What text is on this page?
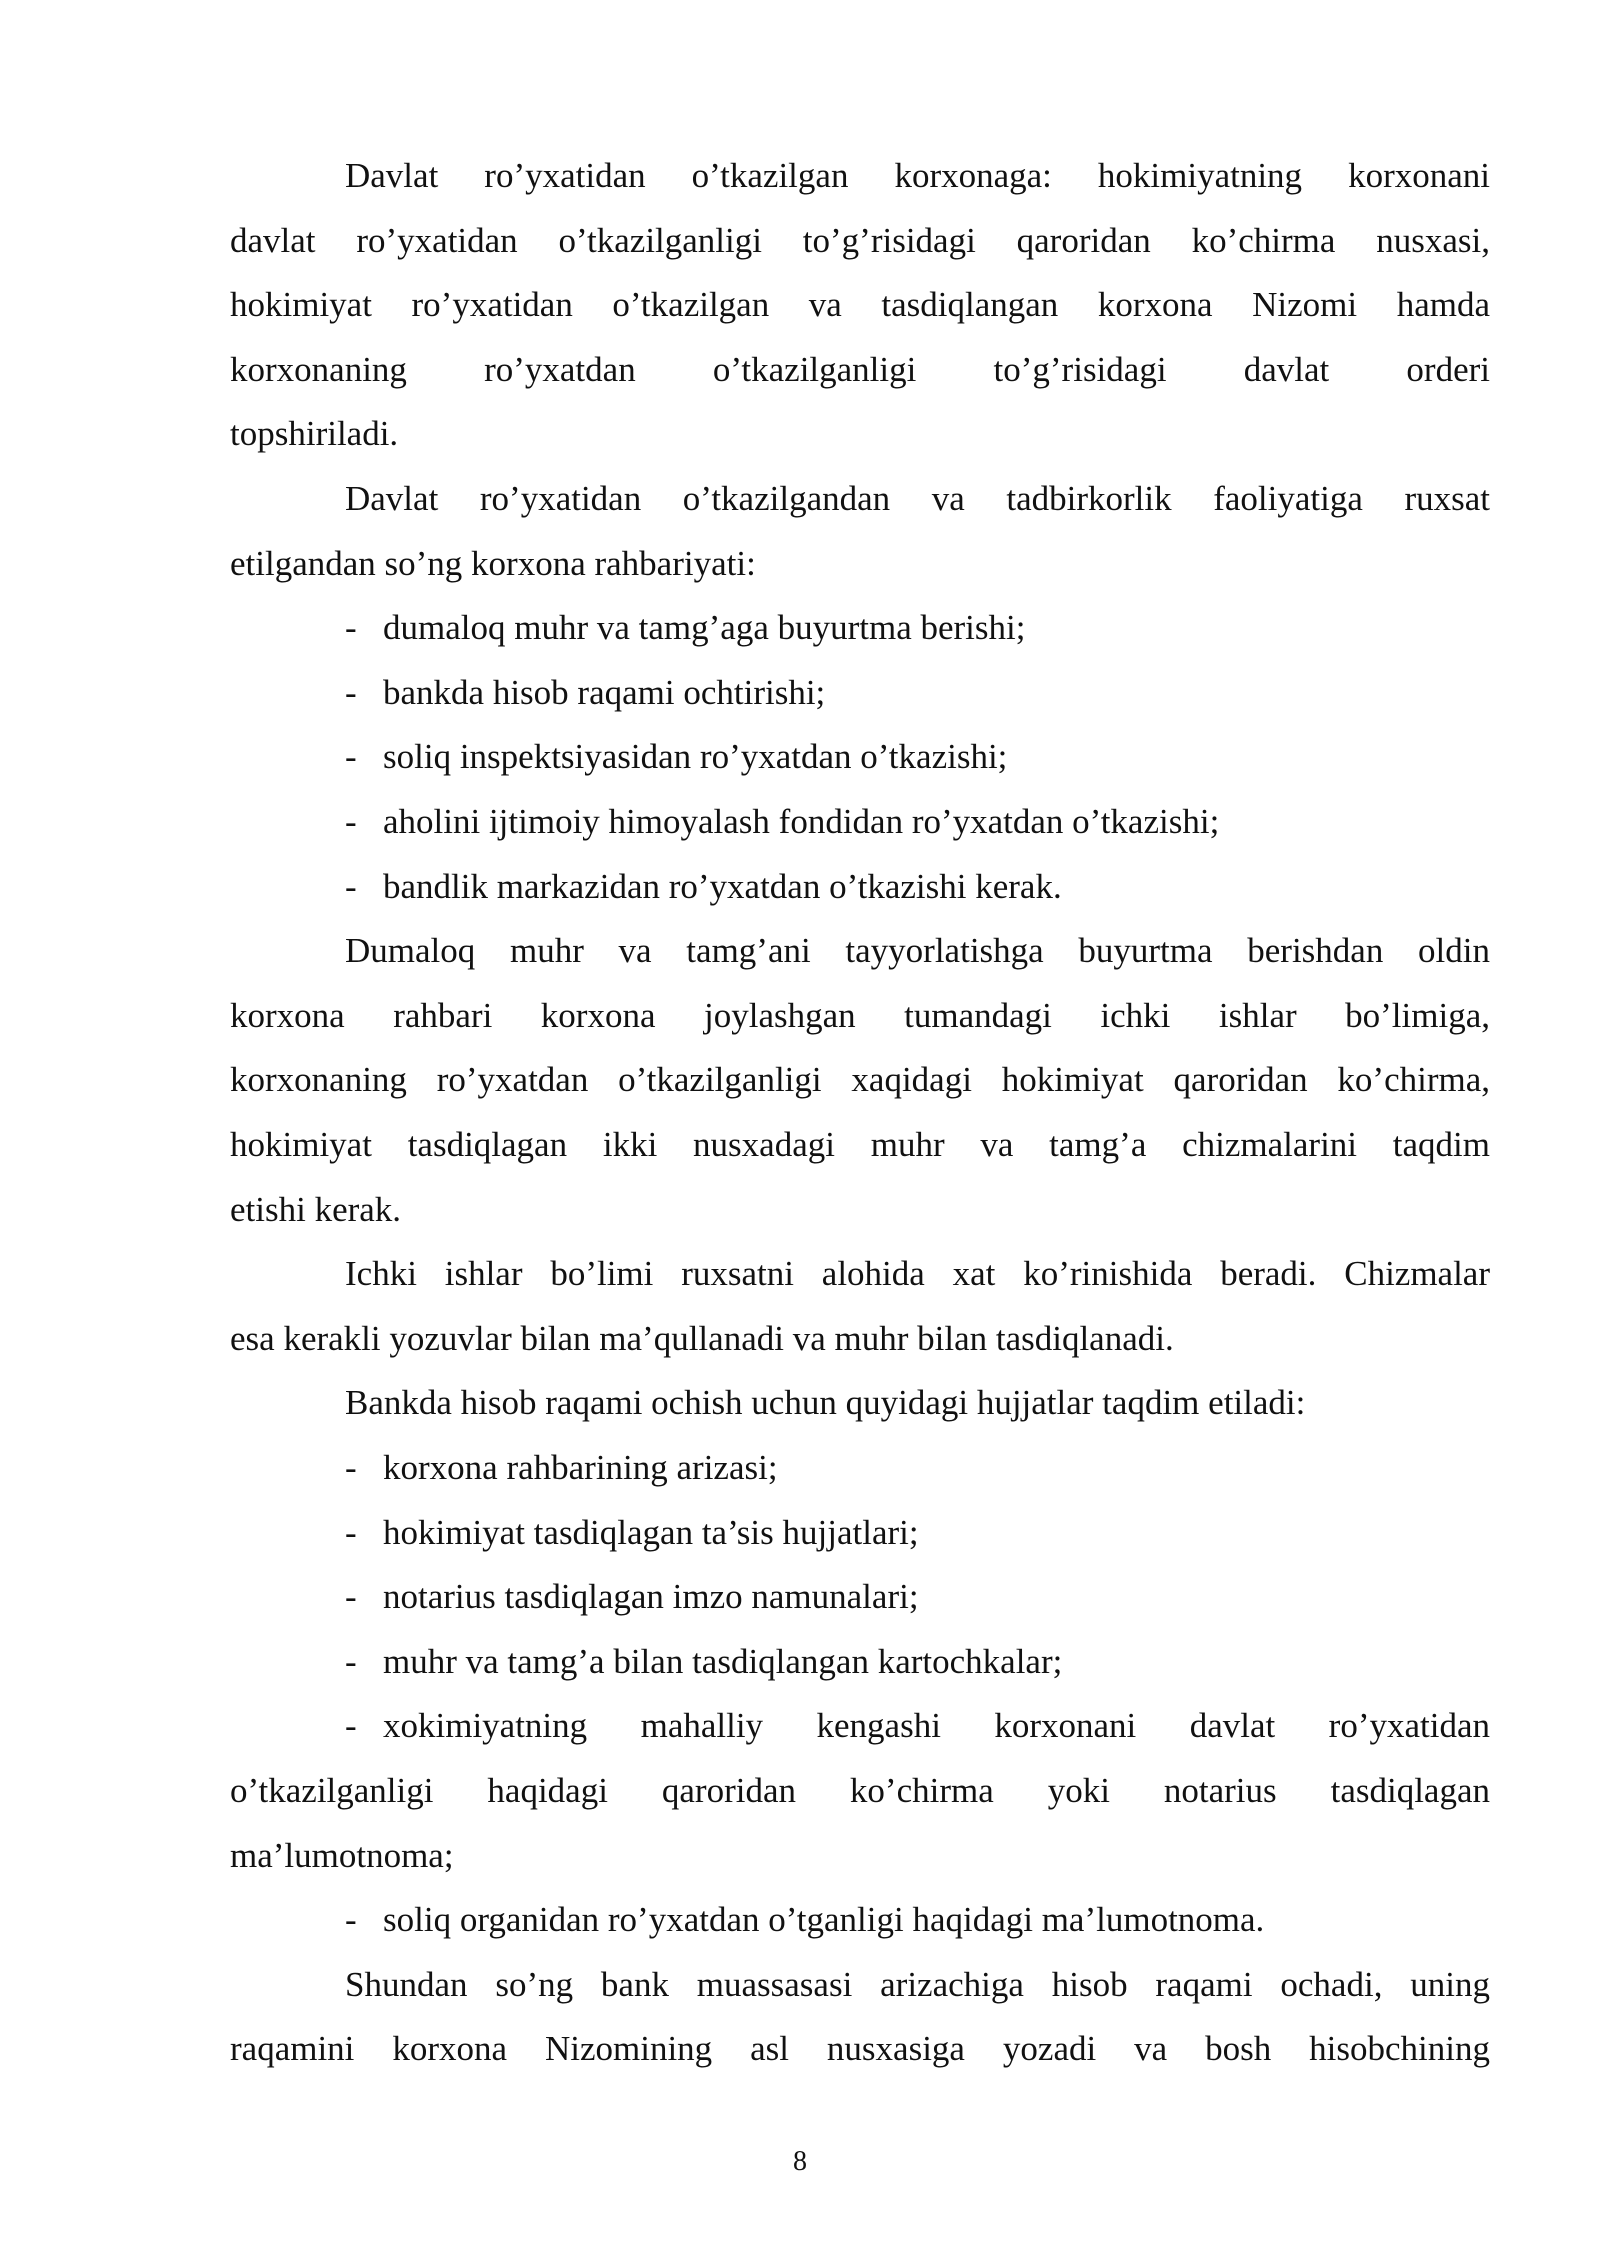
Davlat ro’yxatidan o’tkazilgan korxonaga: hokimiyatning korxonani
davlat ro’yxatidan o’tkazilganligi to’g’risidagi qaroridan ko’chirma nusxasi,
hokimiyat ro’yxatidan o’tkazilgan va tasdiqlangan korxona Nizomi hamda
korxonaning ro’yxatdan o’tkazilganligi to’g’risidagi davlat orderi
topshiriladi.
Davlat ro’yxatidan o’tkazilgandan va tadbirkorlik faoliyatiga ruxsat
etilgandan so’ng korxona rahbariyati:
- dumaloq muhr va tamg’aga buyurtma berishi;
- bankda hisob raqami ochtirishi;
- soliq inspektsiyasidan ro’yxatdan o’tkazishi;
- aholini ijtimoiy himoyalash fondidan ro’yxatdan o’tkazishi;
- bandlik markazidan ro’yxatdan o’tkazishi kerak.
Dumaloq muhr va tamg’ani tayyorlatishga buyurtma berishdan oldin
korxona rahbari korxona joylashgan tumandagi ichki ishlar bo’limiga,
korxonaning ro’yxatdan o’tkazilganligi xaqidagi hokimiyat qaroridan ko’chirma,
hokimiyat tasdiqlagan ikki nusxadagi muhr va tamg’a chizmalarini taqdim
etishi kerak.
Ichki ishlar bo’limi ruxsatni alohida xat ko’rinishida beradi. Chizmalar
esa kerakli yozuvlar bilan ma’qullanadi va muhr bilan tasdiqlanadi.
Bankda hisob raqami ochish uchun quyidagi hujjatlar taqdim etiladi:
- korxona rahbarining arizasi;
- hokimiyat tasdiqlagan ta’sis hujjatlari;
- notarius tasdiqlagan imzo namunalari;
- muhr va tamg’a bilan tasdiqlangan kartochkalar;
- xokimiyatning mahalliy kengashi korxonani davlat ro’yxatidan
o’tkazilganligi haqidagi qaroridan ko’chirma yoki notarius tasdiqlagan
ma’lumotnoma;
- soliq organidan ro’yxatdan o’tganligi haqidagi ma’lumotnoma.
Shundan so’ng bank muassasasi arizachiga hisob raqami ochadi, uning
raqamini korxona Nizomining asl nusxasiga yozadi va bosh hisobchining
8
